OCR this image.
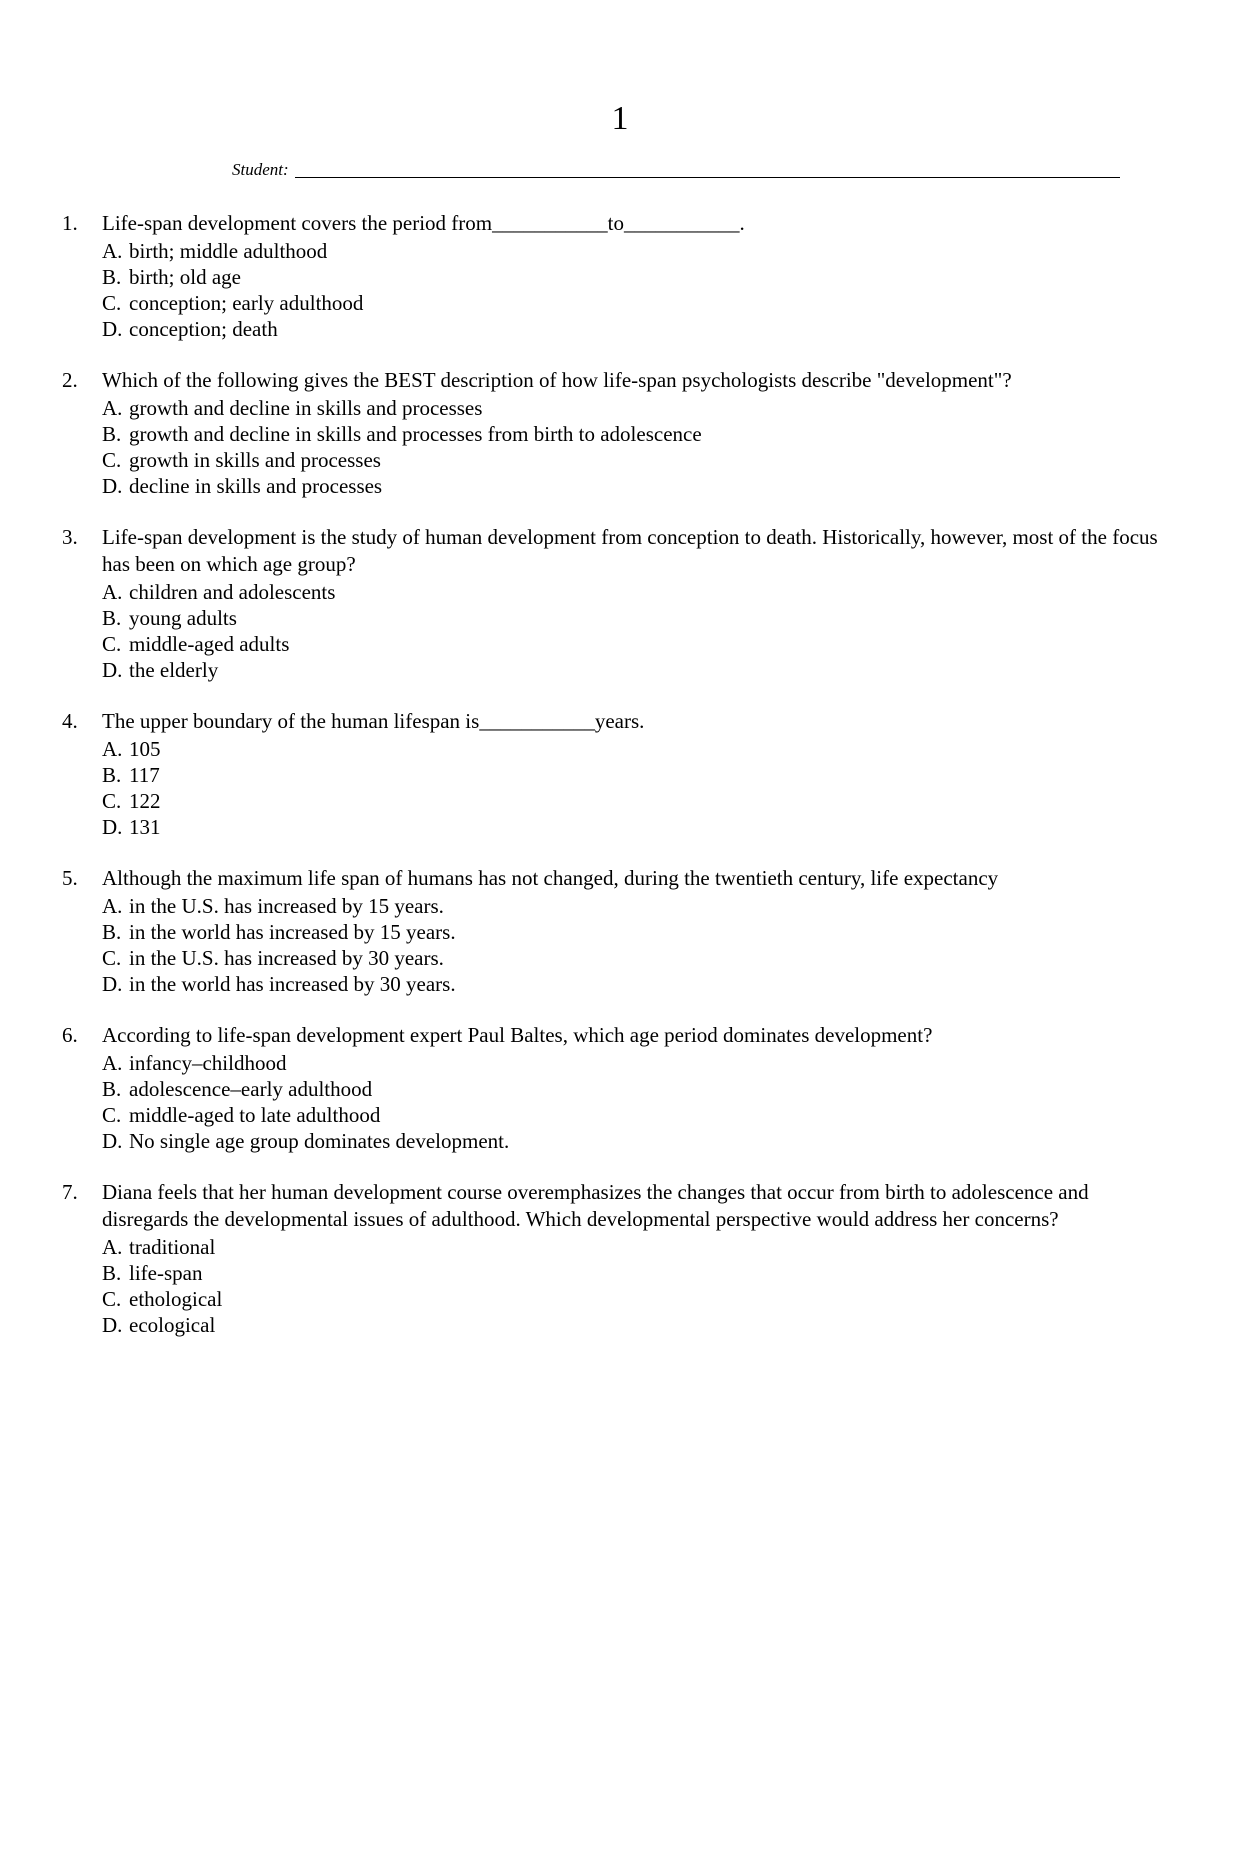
1
Student:
1.	Life-span development covers the period from___________to___________.
A. birth; middle adulthood
B. birth; old age
C. conception; early adulthood
D. conception; death
2.	Which of the following gives the BEST description of how life-span psychologists describe "development"?
A. growth and decline in skills and processes
B. growth and decline in skills and processes from birth to adolescence
C. growth in skills and processes
D. decline in skills and processes
3.	Life-span development is the study of human development from conception to death. Historically, however, most of the focus has been on which age group?
A. children and adolescents
B. young adults
C. middle-aged adults
D. the elderly
4.	The upper boundary of the human lifespan is___________years.
A. 105
B. 117
C. 122
D. 131
5.	Although the maximum life span of humans has not changed, during the twentieth century, life expectancy
A. in the U.S. has increased by 15 years.
B. in the world has increased by 15 years.
C. in the U.S. has increased by 30 years.
D. in the world has increased by 30 years.
6.	According to life-span development expert Paul Baltes, which age period dominates development?
A. infancy–childhood
B. adolescence–early adulthood
C. middle-aged to late adulthood
D. No single age group dominates development.
7.	Diana feels that her human development course overemphasizes the changes that occur from birth to adolescence and disregards the developmental issues of adulthood. Which developmental perspective would address her concerns?
A. traditional
B. life-span
C. ethological
D. ecological
